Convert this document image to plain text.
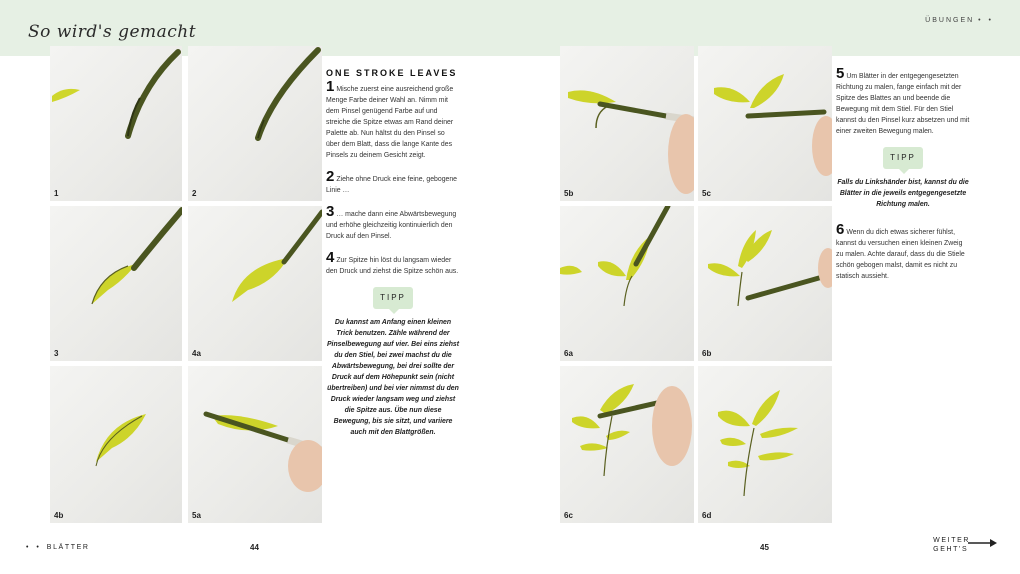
So wird's gemacht
ÜBUNGEN • •
1	2
3	4a
4b	5a
ONE STROKE LEAVES
1 Mische zuerst eine ausreichend große Menge Farbe deiner Wahl an. Nimm mit dem Pinsel genügend Farbe auf und streiche die Spitze etwas am Rand deiner Palette ab. Nun hältst du den Pinsel so über dem Blatt, dass die lange Kante des Pinsels zu deinem Gesicht zeigt.
2 Ziehe ohne Druck eine feine, gebogene Linie …
3 … mache dann eine Abwärtsbewegung und erhöhe gleichzeitig kontinuierlich den Druck auf den Pinsel.
4 Zur Spitze hin löst du langsam wieder den Druck und ziehst die Spitze schön aus.
TIPP
Du kannst am Anfang einen kleinen Trick benutzen. Zähle während der Pinselbewegung auf vier. Bei eins ziehst du den Stiel, bei zwei machst du die Abwärtsbewegung, bei drei sollte der Druck auf dem Höhepunkt sein (nicht übertreiben) und bei vier nimmst du den Druck wieder langsam weg und ziehst die Spitze aus. Übe nun diese Bewegung, bis sie sitzt, und variiere auch mit den Blattgrößen.
5b	5c
6a	6b
6c	6d
5 Um Blätter in der entgegengesetzten Richtung zu malen, fange einfach mit der Spitze des Blattes an und beende die Bewegung mit dem Stiel. Für den Stiel kannst du den Pinsel kurz absetzen und mit einer zweiten Bewegung malen.
TIPP
Falls du Linkshänder bist, kannst du die Blätter in die jeweils entgegengesetzte Richtung malen.
6 Wenn du dich etwas sicherer fühlst, kannst du versuchen einen kleinen Zweig zu malen. Achte darauf, dass du die Stiele schön gebogen malst, damit es nicht zu statisch aussieht.
• • BLÄTTER	44	45
WEITER
GEHT'S
